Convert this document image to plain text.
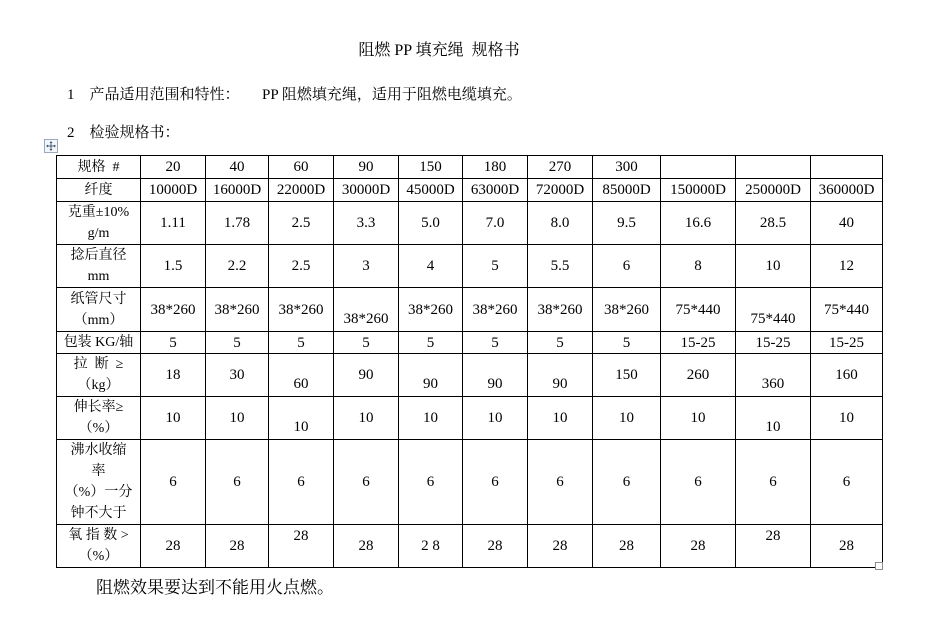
阻燃 PP 填充绳  规格书
1    产品适用范围和特性：      PP 阻燃填充绳，适用于阻燃电缆填充。
2    检验规格书：
规格  #	20	40	60	90	150	180	270	300			
纤度	10000D	16000D	22000D	30000D	45000D	63000D	72000D	85000D	150000D	250000D	360000D
克重±10%
g/m	1.11	1.78	2.5	3.3	5.0	7.0	8.0	9.5	16.6	28.5	40
捻后直径
mm	1.5	2.2	2.5	3	4	5	5.5	6	8	10	12
纸管尺寸
（mm）	38*260	38*260	38*260	38*260	38*260	38*260	38*260	38*260	75*440	75*440	75*440
包装 KG/轴	5	5	5	5	5	5	5	5	15-25	15-25	15-25
拉  断  ≥
（kg）	18	30	60	90	90	90	90	150	260	360	160
伸长率≥
（%）	10	10	10	10	10	10	10	10	10	10	10
沸水收缩
率
（%）一分
钟不大于	6	6	6	6	6	6	6	6	6	6	6
氧 指 数 >
（%）	28	28	28	28	2 8	28	28	28	28	28	28
阻燃效果要达到不能用火点燃。
